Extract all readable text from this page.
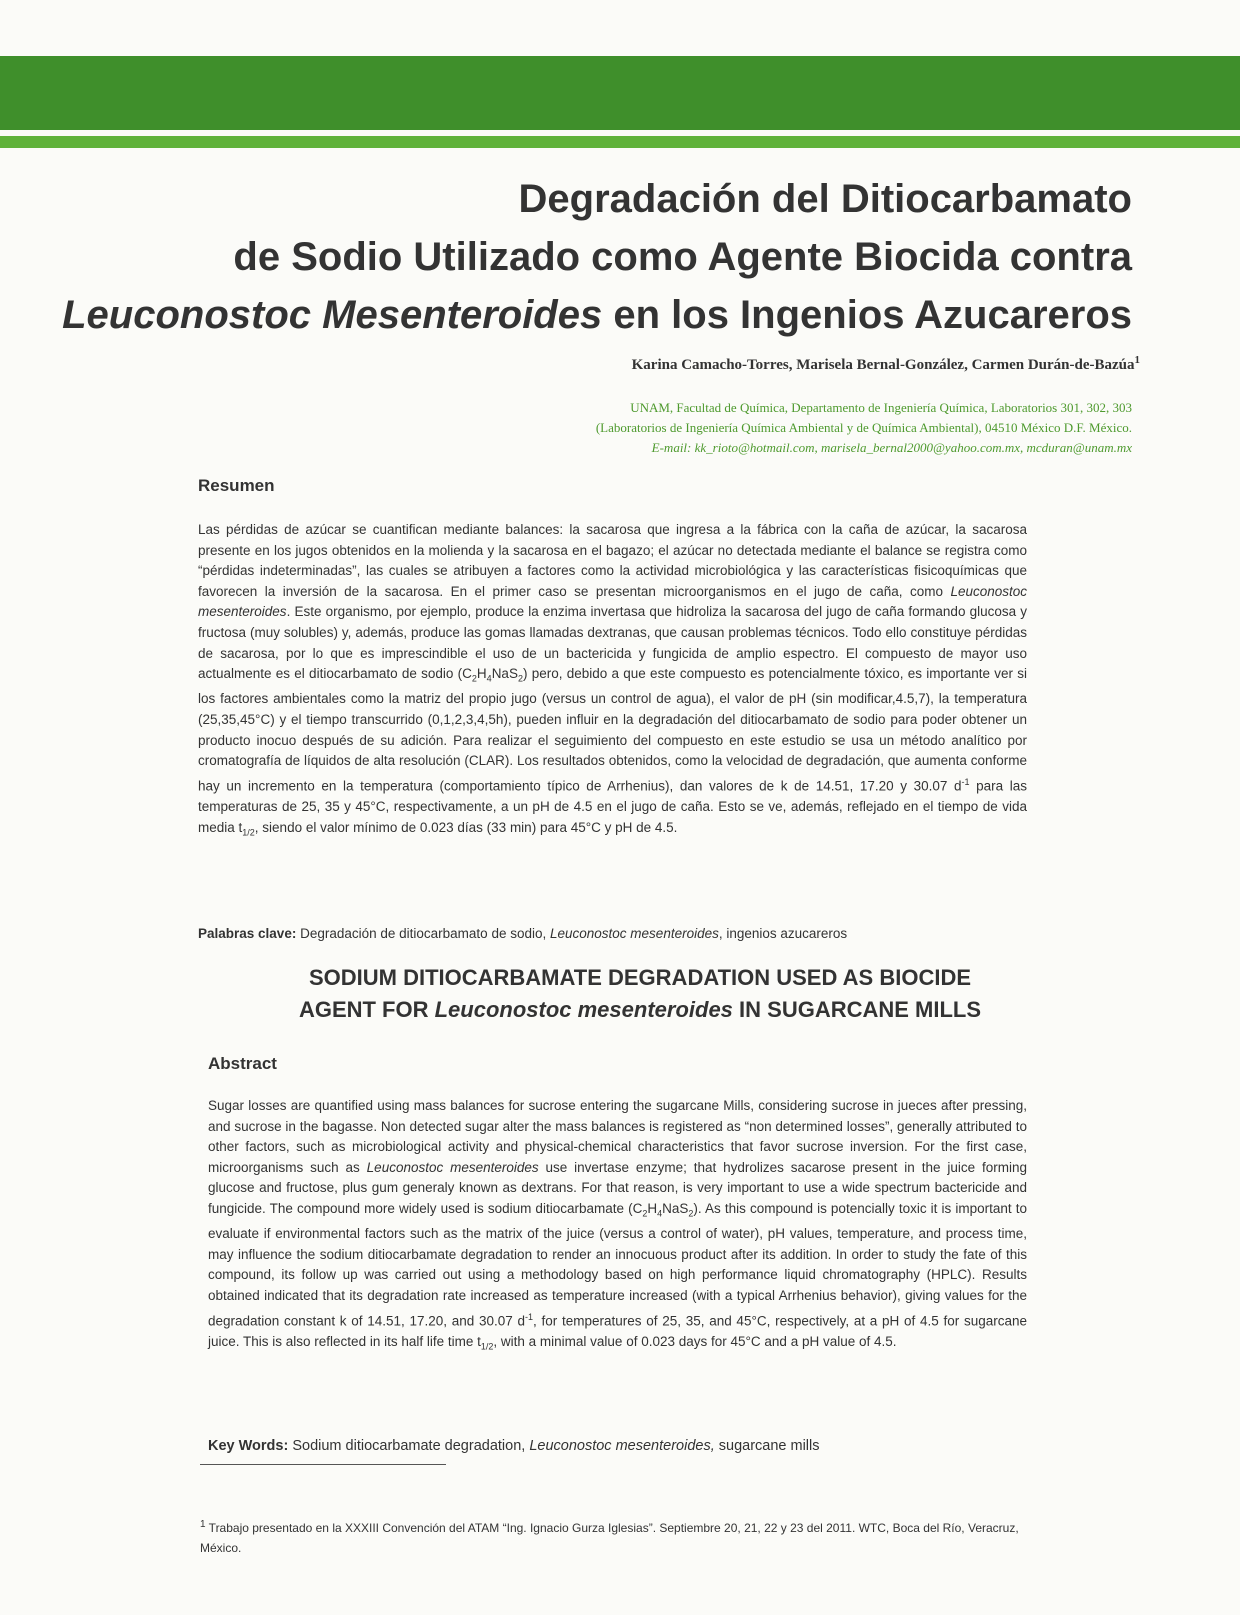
Degradación del Ditiocarbamato
de Sodio Utilizado como Agente Biocida contra
Leuconostoc Mesenteroides en los Ingenios Azucareros
Karina Camacho-Torres, Marisela Bernal-González, Carmen Durán-de-Bazúa$^1$
UNAM, Facultad de Química, Departamento de Ingeniería Química, Laboratorios 301, 302, 303
(Laboratorios de Ingeniería Química Ambiental y de Química Ambiental), 04510 México D.F. México.
E-mail: kk_rioto@hotmail.com, marisela_bernal2000@yahoo.com.mx, mcduran@unam.mx
Resumen

Las pérdidas de azúcar se cuantifican mediante balances: la sacarosa que ingresa a la fábrica con la caña de azúcar, la sacarosa presente en los jugos obtenidos en la molienda y la sacarosa en el bagazo; el azúcar no detectada mediante el balance se registra como “pérdidas indeterminadas”, las cuales se atribuyen a factores como la actividad microbiológica y las características fisicoquímicas que favorecen la inversión de la sacarosa. En el primer caso se presentan microorganismos en el jugo de caña, como Leuconostoc mesenteroides. Este organismo, por ejemplo, produce la enzima invertasa que hidroliza la sacarosa del jugo de caña formando glucosa y fructosa (muy solubles) y, además, produce las gomas llamadas dextranas, que causan problemas técnicos. Todo ello constituye pérdidas de sacarosa, por lo que es imprescindible el uso de un bactericida y fungicida de amplio espectro. El compuesto de mayor uso actualmente es el ditiocarbamato de sodio $(C_2H_4NaS_2)$ pero, debido a que este compuesto es potencialmente tóxico, es importante ver si los factores ambientales como la matriz del propio jugo (versus un control de agua), el valor de pH (sin modificar,4.5,7), la temperatura (25,35,45°C) y el tiempo transcurrido (0,1,2,3,4,5h), pueden influir en la degradación del ditiocarbamato de sodio para poder obtener un producto inocuo después de su adición. Para realizar el seguimiento del compuesto en este estudio se usa un método analítico por cromatografía de líquidos de alta resolución (CLAR). Los resultados obtenidos, como la velocidad de degradación, que aumenta conforme hay un incremento en la temperatura (comportamiento típico de Arrhenius), dan valores de k de 14.51, 17.20 y 30.07 $d^{-1}$ para las temperaturas de 25, 35 y 45°C, respectivamente, a un pH de 4.5 en el jugo de caña. Esto se ve, además, reflejado en el tiempo de vida media $t_{1/2}$, siendo el valor mínimo de 0.023 días (33 min) para 45°C y pH de 4.5.

Palabras clave: Degradación de ditiocarbamato de sodio, Leuconostoc mesenteroides, ingenios azucareros

SODIUM DITIOCARBAMATE DEGRADATION USED AS BIOCIDE
AGENT FOR Leuconostoc mesenteroides IN SUGARCANE MILLS
Abstract

Sugar losses are quantified using mass balances for sucrose entering the sugarcane Mills, considering sucrose in jueces after pressing, and sucrose in the bagasse. Non detected sugar alter the mass balances is registered as “non determined losses”, generally attributed to other factors, such as microbiological activity and physical-chemical characteristics that favor sucrose inversion. For the first case, microorganisms such as Leuconostoc mesenteroides use invertase enzyme; that hydrolizes sacarose present in the juice forming glucose and fructose, plus gum generaly known as dextrans. For that reason, is very important to use a wide spectrum bactericide and fungicide. The compound more widely used is sodium ditiocarbamate $(C_2H_4NaS_2)$. As this compound is potencially toxic it is important to evaluate if environmental factors such as the matrix of the juice (versus a control of water), pH values, temperature, and process time, may influence the sodium ditiocarbamate degradation to render an innocuous product after its addition. In order to study the fate of this compound, its follow up was carried out using a methodology based on high performance liquid chromatography (HPLC). Results obtained indicated that its degradation rate increased as temperature increased (with a typical Arrhenius behavior), giving values for the degradation constant k of 14.51, 17.20, and 30.07 $d^{-1}$, for temperatures of 25, 35, and 45°C, respectively, at a pH of 4.5 for sugarcane juice. This is also reflected in its half life time $t_{1/2}$, with a minimal value of 0.023 days for 45°C and a pH value of 4.5.

Key Words: Sodium ditiocarbamate degradation, Leuconostoc mesenteroides, sugarcane mills

$^1$ Trabajo presentado en la XXXIII Convención del ATAM “Ing. Ignacio Gurza Iglesias”. Septiembre 20, 21, 22 y 23 del 2011. WTC, Boca del Río, Veracruz, México.
